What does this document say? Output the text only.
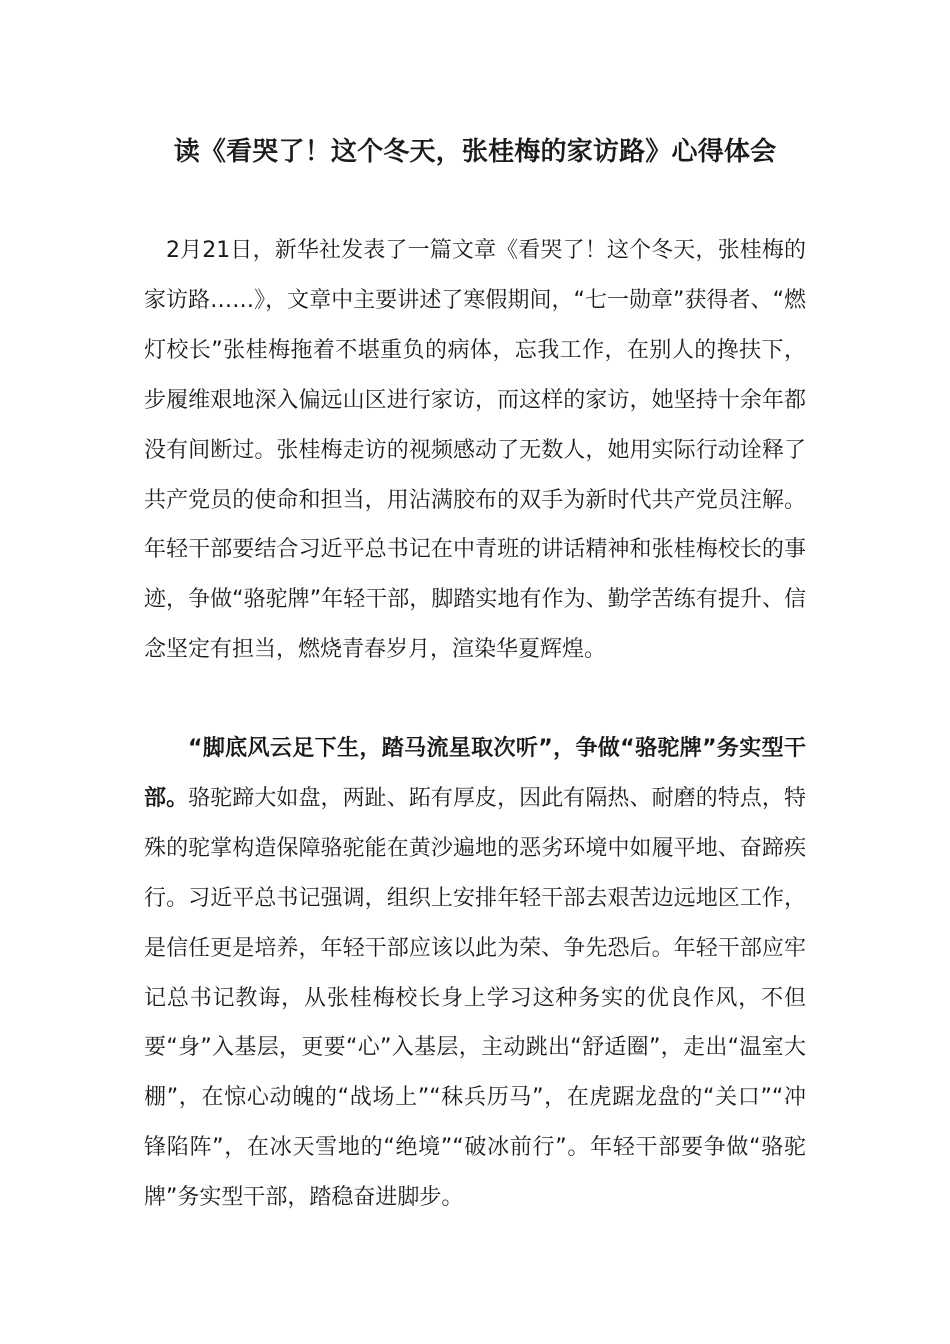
读《看哭了！这个冬天，张桂梅的家访路》心得体会

2月21日，新华社发表了一篇文章《看哭了！这个冬天，张桂梅的家访路……》，文章中主要讲述了寒假期间，“七一勋章”获得者、“燃灯校长”张桂梅拖着不堪重负的病体，忘我工作，在别人的搀扶下，步履维艰地深入偏远山区进行家访，而这样的家访，她坚持十余年都没有间断过。张桂梅走访的视频感动了无数人，她用实际行动诠释了共产党员的使命和担当，用沾满胶布的双手为新时代共产党员注解。年轻干部要结合习近平总书记在中青班的讲话精神和张桂梅校长的事迹，争做“骆驼牌”年轻干部，脚踏实地有作为、勤学苦练有提升、信念坚定有担当，燃烧青春岁月，渲染华夏辉煌。

“脚底风云足下生，踏马流星取次听”，争做“骆驼牌”务实型干部。骆驼蹄大如盘，两趾、跖有厚皮，因此有隔热、耐磨的特点，特殊的驼掌构造保障骆驼能在黄沙遍地的恶劣环境中如履平地、奋蹄疾行。习近平总书记强调，组织上安排年轻干部去艰苦边远地区工作，是信任更是培养，年轻干部应该以此为荣、争先恐后。年轻干部应牢记总书记教诲，从张桂梅校长身上学习这种务实的优良作风，不但要“身”入基层，更要“心”入基层，主动跳出“舒适圈”，走出“温室大棚”，在惊心动魄的“战场上”“秣兵历马”，在虎踞龙盘的“关口”“冲锋陷阵”，在冰天雪地的“绝境”“破冰前行”。年轻干部要争做“骆驼牌”务实型干部，踏稳奋进脚步。
